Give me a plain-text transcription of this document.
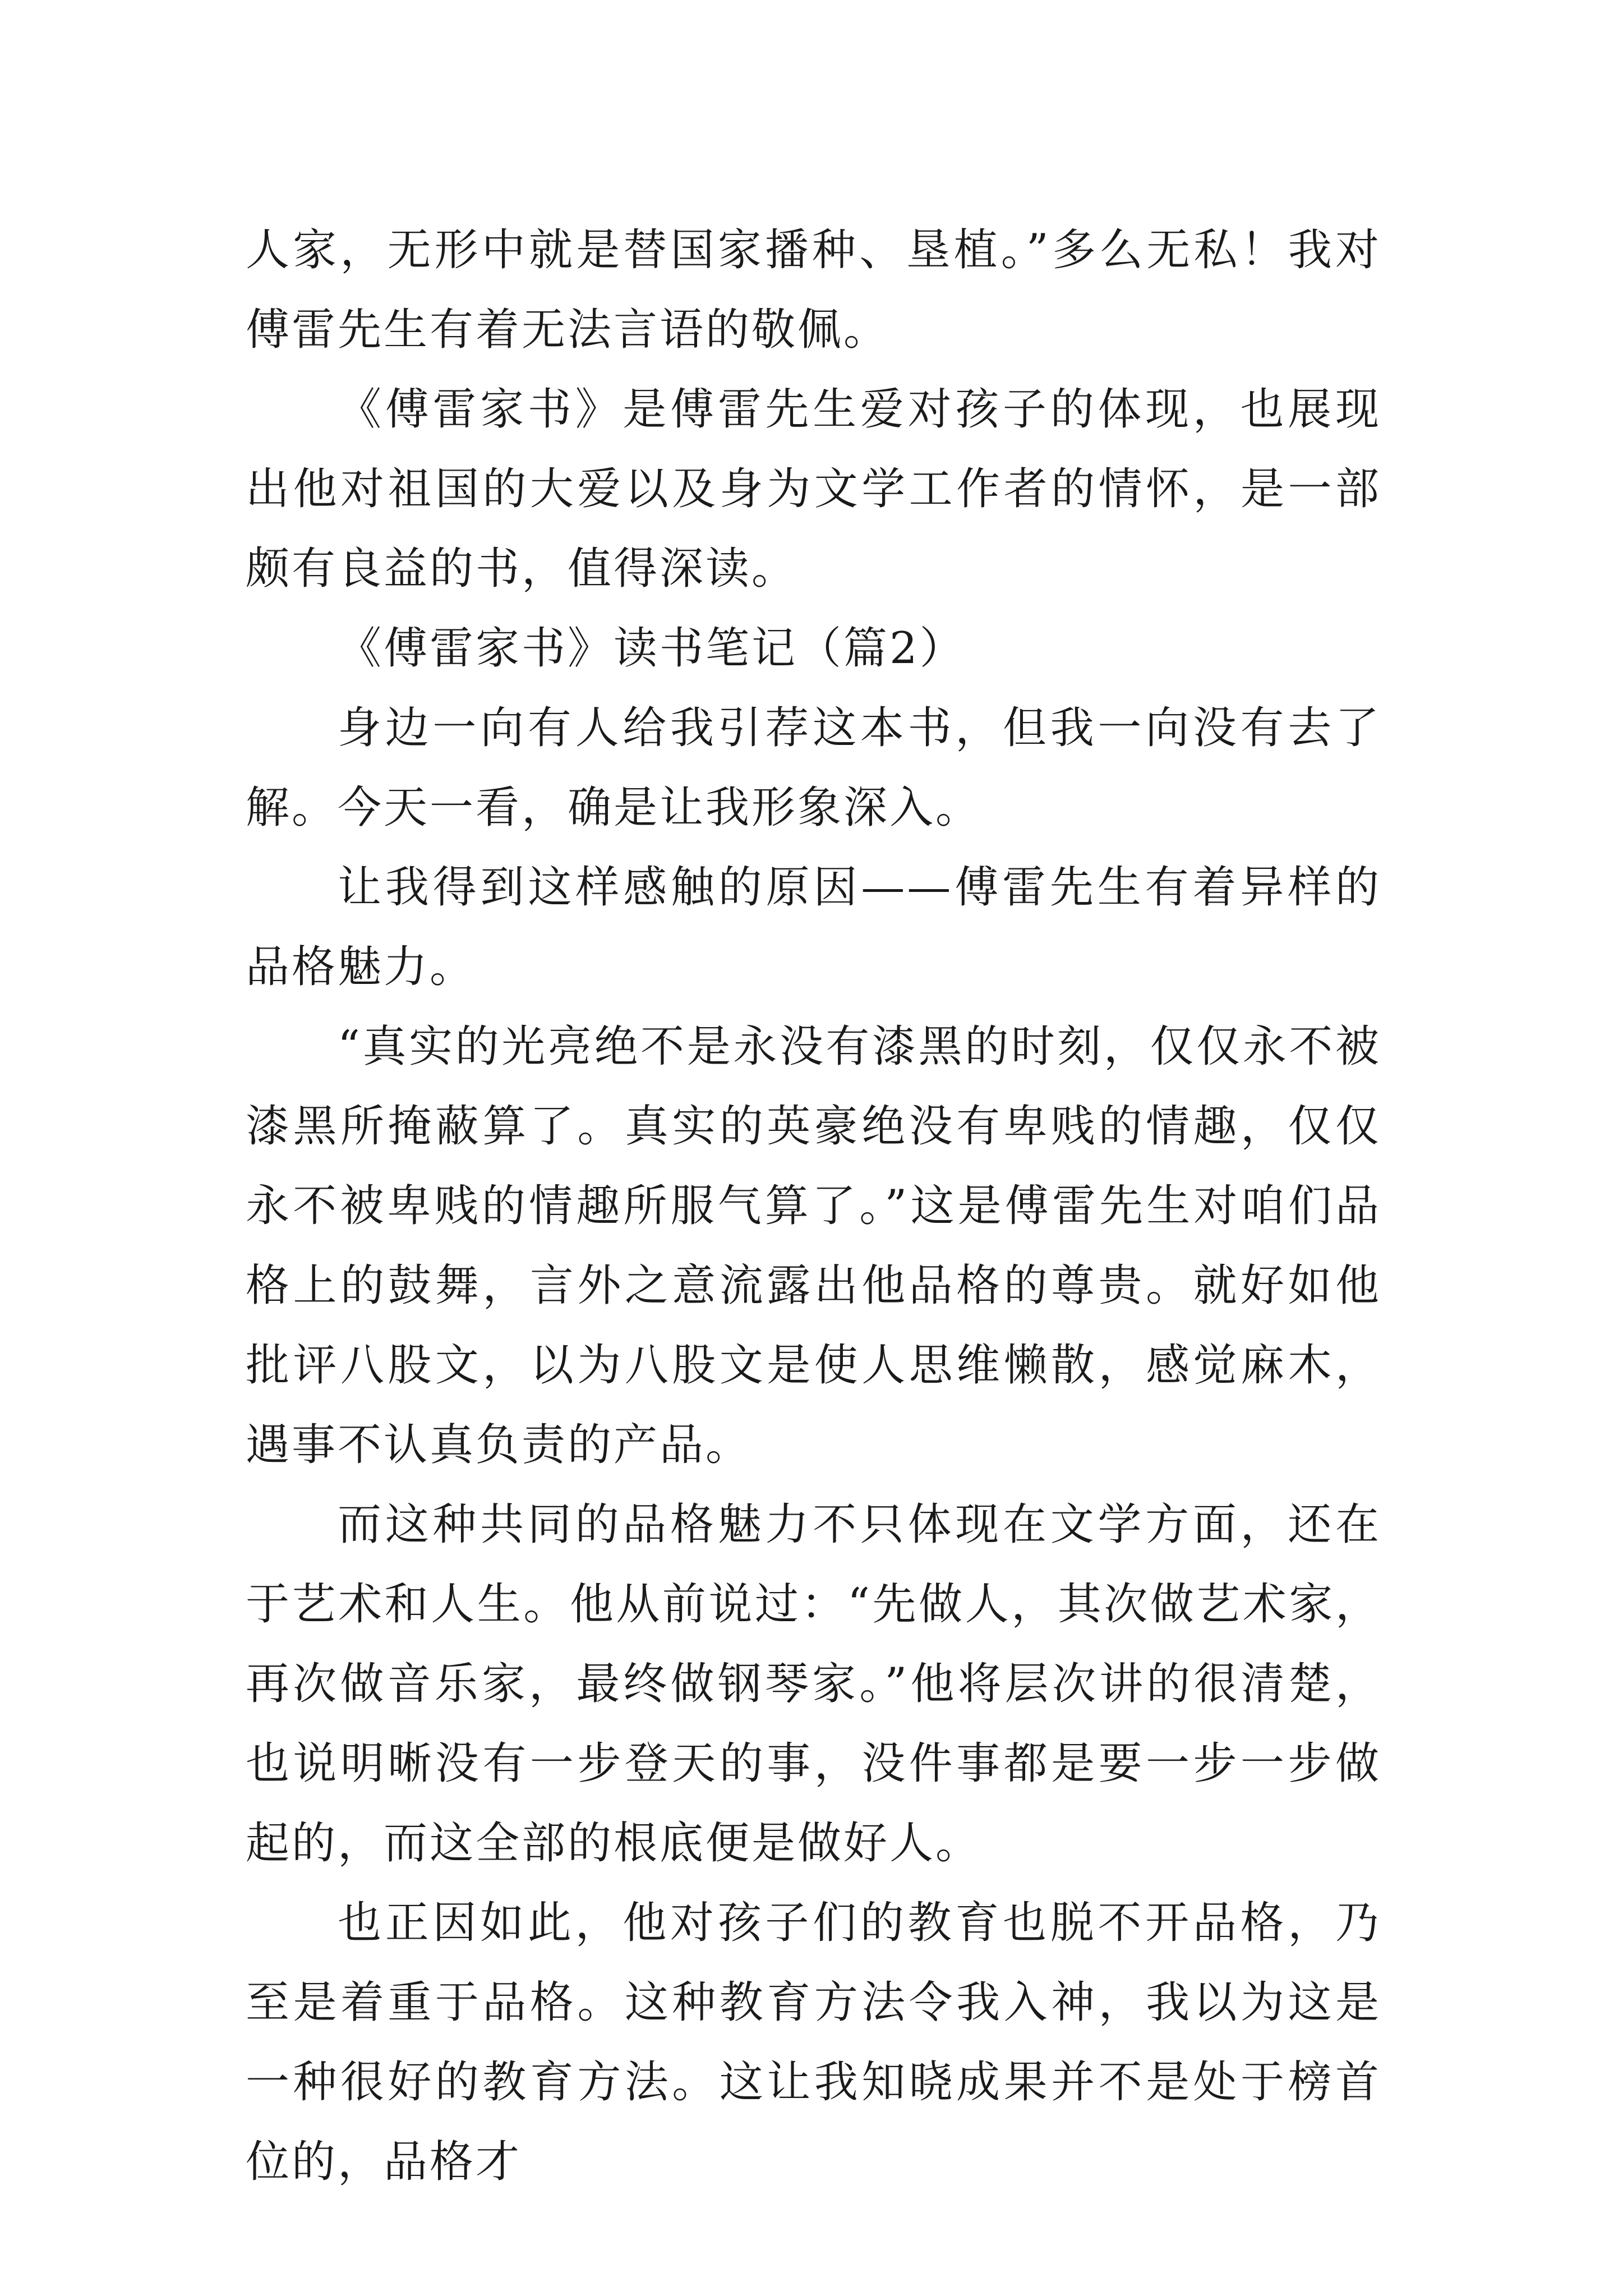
人家，无形中就是替国家播种、垦植。”多么无私！我对傅雷先生有着无法言语的敬佩。

《傅雷家书》是傅雷先生爱对孩子的体现，也展现出他对祖国的大爱以及身为文学工作者的情怀，是一部颇有良益的书，值得深读。

《傅雷家书》读书笔记（篇2）

身边一向有人给我引荐这本书，但我一向没有去了解。今天一看，确是让我形象深入。

让我得到这样感触的原因——傅雷先生有着异样的品格魅力。

“真实的光亮绝不是永没有漆黑的时刻，仅仅永不被漆黑所掩蔽算了。真实的英豪绝没有卑贱的情趣，仅仅永不被卑贱的情趣所服气算了。”这是傅雷先生对咱们品格上的鼓舞，言外之意流露出他品格的尊贵。就好如他批评八股文，以为八股文是使人思维懒散，感觉麻木，遇事不认真负责的产品。

而这种共同的品格魅力不只体现在文学方面，还在于艺术和人生。他从前说过：“先做人，其次做艺术家，再次做音乐家，最终做钢琴家。”他将层次讲的很清楚，也说明晰没有一步登天的事，没件事都是要一步一步做起的，而这全部的根底便是做好人。

也正因如此，他对孩子们的教育也脱不开品格，乃至是着重于品格。这种教育方法令我入神，我以为这是一种很好的教育方法。这让我知晓成果并不是处于榜首位的，品格才
